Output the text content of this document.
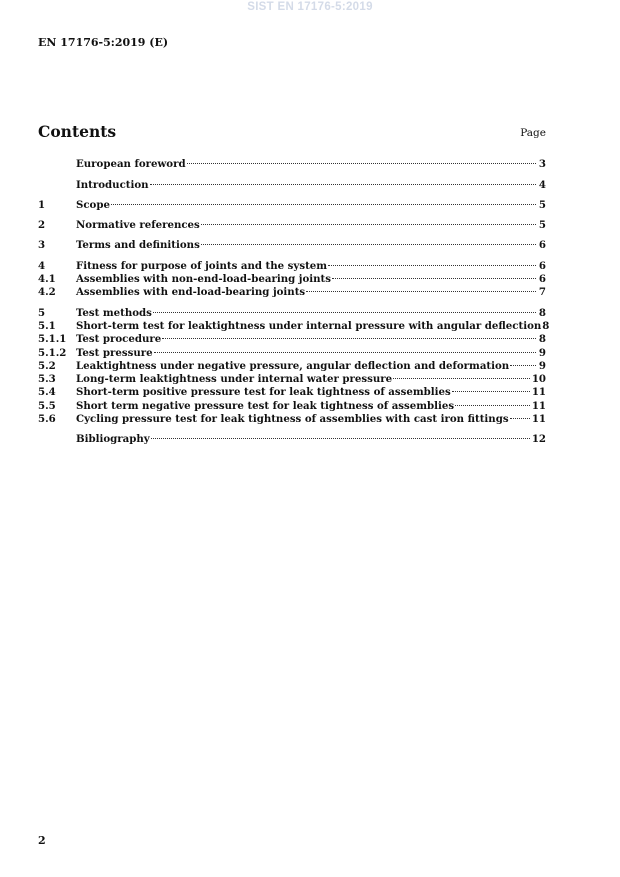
SIST EN 17176-5:2019
EN 17176-5:2019 (E)
Contents	Page
European foreword	3
Introduction	4
1	Scope	5
2	Normative references	5
3	Terms and definitions	6
4	Fitness for purpose of joints and the system	6
4.1	Assemblies with non-end-load-bearing joints	6
4.2	Assemblies with end-load-bearing joints	7
5	Test methods	8
5.1	Short-term test for leaktightness under internal pressure with angular deflection 8
5.1.1 Test procedure	8
5.1.2 Test pressure	9
5.2	Leaktightness under negative pressure, angular deflection and deformation	9
5.3	Long-term leaktightness under internal water pressure	10
5.4	Short-term positive pressure test for leak tightness of assemblies	11
5.5	Short term negative pressure test for leak tightness of assemblies	11
5.6	Cycling pressure test for leak tightness of assemblies with cast iron fittings 11
Bibliography	12
2
